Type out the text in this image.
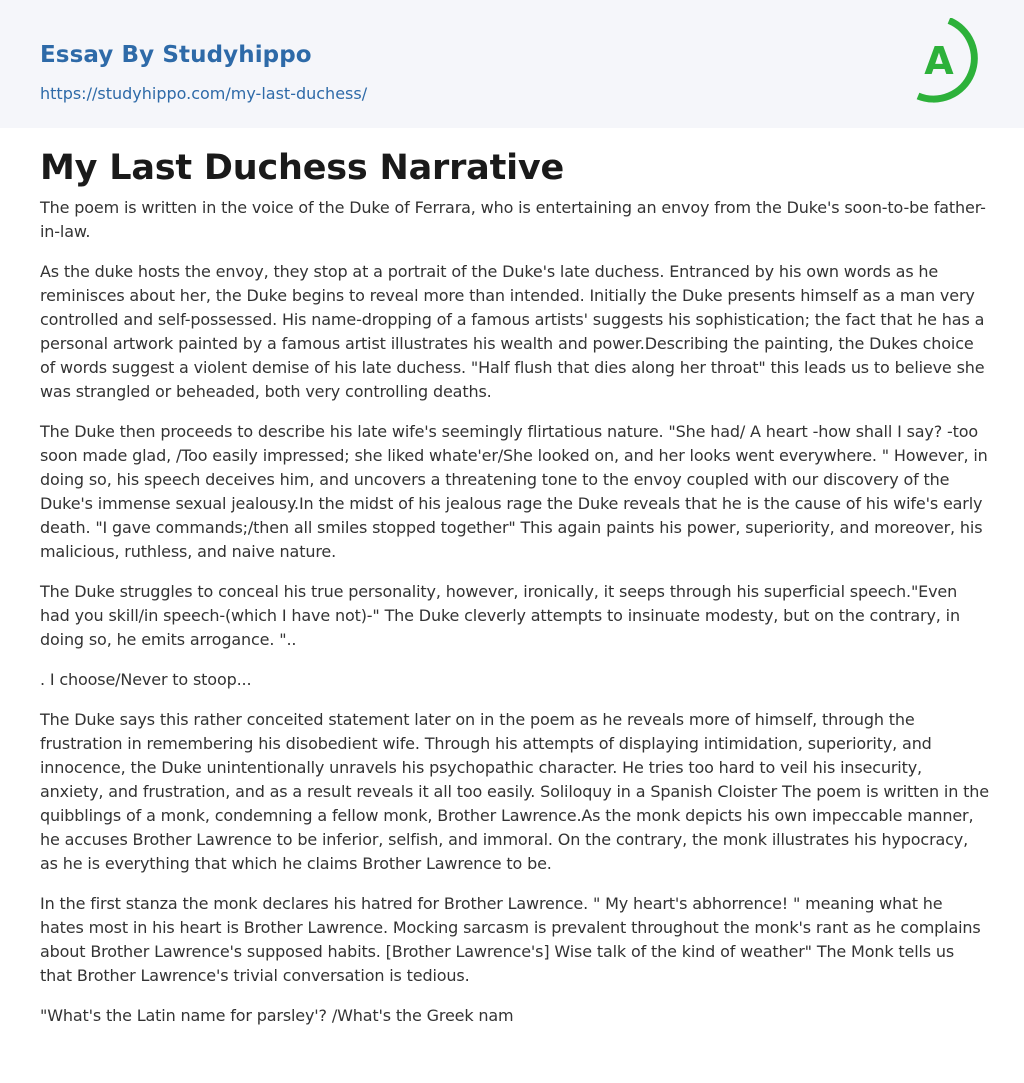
Essay By Studyhippo
https://studyhippo.com/my-last-duchess/
A
My Last Duchess Narrative

The poem is written in the voice of the Duke of Ferrara, who is entertaining an envoy from the Duke's soon-to-be father-in-law.

As the duke hosts the envoy, they stop at a portrait of the Duke's late duchess. Entranced by his own words as he reminisces about her, the Duke begins to reveal more than intended. Initially the Duke presents himself as a man very controlled and self-possessed. His name-dropping of a famous artists' suggests his sophistication; the fact that he has a personal artwork painted by a famous artist illustrates his wealth and power.Describing the painting, the Dukes choice of words suggest a violent demise of his late duchess. "Half flush that dies along her throat" this leads us to believe she was strangled or beheaded, both very controlling deaths.

The Duke then proceeds to describe his late wife's seemingly flirtatious nature. "She had/ A heart -how shall I say? -too soon made glad, /Too easily impressed; she liked whate'er/She looked on, and her looks went everywhere. " However, in doing so, his speech deceives him, and uncovers a threatening tone to the envoy coupled with our discovery of the Duke's immense sexual jealousy.In the midst of his jealous rage the Duke reveals that he is the cause of his wife's early death. "I gave commands;/then all smiles stopped together" This again paints his power, superiority, and moreover, his malicious, ruthless, and naive nature.

The Duke struggles to conceal his true personality, however, ironically, it seeps through his superficial speech."Even had you skill/in speech-(which I have not)-" The Duke cleverly attempts to insinuate modesty, but on the contrary, in doing so, he emits arrogance. "..

. I choose/Never to stoop...

The Duke says this rather conceited statement later on in the poem as he reveals more of himself, through the frustration in remembering his disobedient wife. Through his attempts of displaying intimidation, superiority, and innocence, the Duke unintentionally unravels his psychopathic character. He tries too hard to veil his insecurity, anxiety, and frustration, and as a result reveals it all too easily. Soliloquy in a Spanish Cloister The poem is written in the quibblings of a monk, condemning a fellow monk, Brother Lawrence.As the monk depicts his own impeccable manner, he accuses Brother Lawrence to be inferior, selfish, and immoral. On the contrary, the monk illustrates his hypocracy, as he is everything that which he claims Brother Lawrence to be.

In the first stanza the monk declares his hatred for Brother Lawrence. " My heart's abhorrence! " meaning what he hates most in his heart is Brother Lawrence. Mocking sarcasm is prevalent throughout the monk's rant as he complains about Brother Lawrence's supposed habits. [Brother Lawrence's] Wise talk of the kind of weather" The Monk tells us that Brother Lawrence's trivial conversation is tedious.

"What's the Latin name for parsley'? /What's the Greek nam
